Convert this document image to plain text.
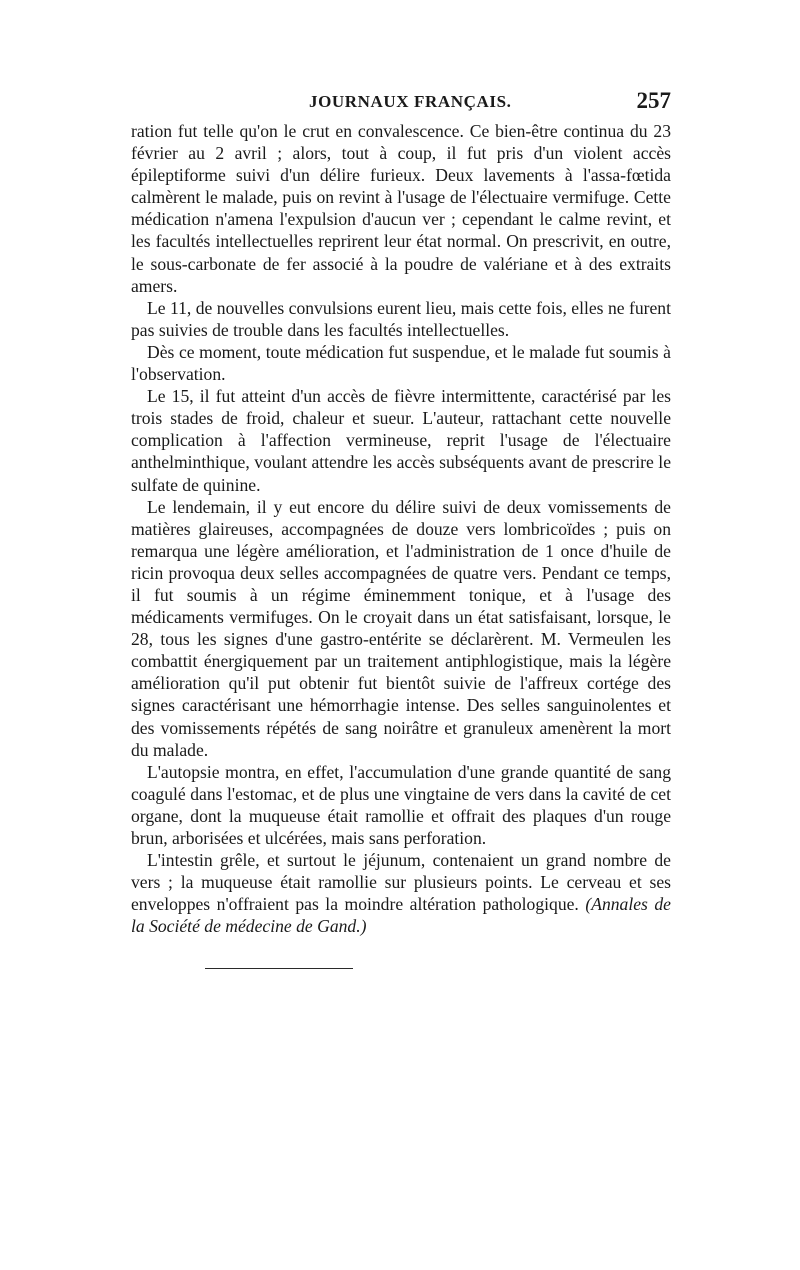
JOURNAUX FRANÇAIS.	257

ration fut telle qu'on le crut en convalescence. Ce bien-être continua du 23 février au 2 avril ; alors, tout à coup, il fut pris d'un violent accès épileptiforme suivi d'un délire furieux. Deux lavements à l'assa-fœtida calmèrent le malade, puis on revint à l'usage de l'électuaire vermifuge. Cette médication n'amena l'expulsion d'aucun ver ; cependant le calme revint, et les facultés intellectuelles reprirent leur état normal. On prescrivit, en outre, le sous-carbonate de fer associé à la poudre de valériane et à des extraits amers.

Le 11, de nouvelles convulsions eurent lieu, mais cette fois, elles ne furent pas suivies de trouble dans les facultés intellectuelles.

Dès ce moment, toute médication fut suspendue, et le malade fut soumis à l'observation.

Le 15, il fut atteint d'un accès de fièvre intermittente, caractérisé par les trois stades de froid, chaleur et sueur. L'auteur, rattachant cette nouvelle complication à l'affection vermineuse, reprit l'usage de l'électuaire anthelminthique, voulant attendre les accès subséquents avant de prescrire le sulfate de quinine.

Le lendemain, il y eut encore du délire suivi de deux vomissements de matières glaireuses, accompagnées de douze vers lombricoïdes ; puis on remarqua une légère amélioration, et l'administration de 1 once d'huile de ricin provoqua deux selles accompagnées de quatre vers. Pendant ce temps, il fut soumis à un régime éminemment tonique, et à l'usage des médicaments vermifuges. On le croyait dans un état satisfaisant, lorsque, le 28, tous les signes d'une gastro-entérite se déclarèrent. M. Vermeulen les combattit énergiquement par un traitement antiphlogistique, mais la légère amélioration qu'il put obtenir fut bientôt suivie de l'affreux cortége des signes caractérisant une hémorrhagie intense. Des selles sanguinolentes et des vomissements répétés de sang noirâtre et granuleux amenèrent la mort du malade.

L'autopsie montra, en effet, l'accumulation d'une grande quantité de sang coagulé dans l'estomac, et de plus une vingtaine de vers dans la cavité de cet organe, dont la muqueuse était ramollie et offrait des plaques d'un rouge brun, arborisées et ulcérées, mais sans perforation.

L'intestin grêle, et surtout le jéjunum, contenaient un grand nombre de vers ; la muqueuse était ramollie sur plusieurs points. Le cerveau et ses enveloppes n'offraient pas la moindre altération pathologique. (Annales de la Société de médecine de Gand.)
